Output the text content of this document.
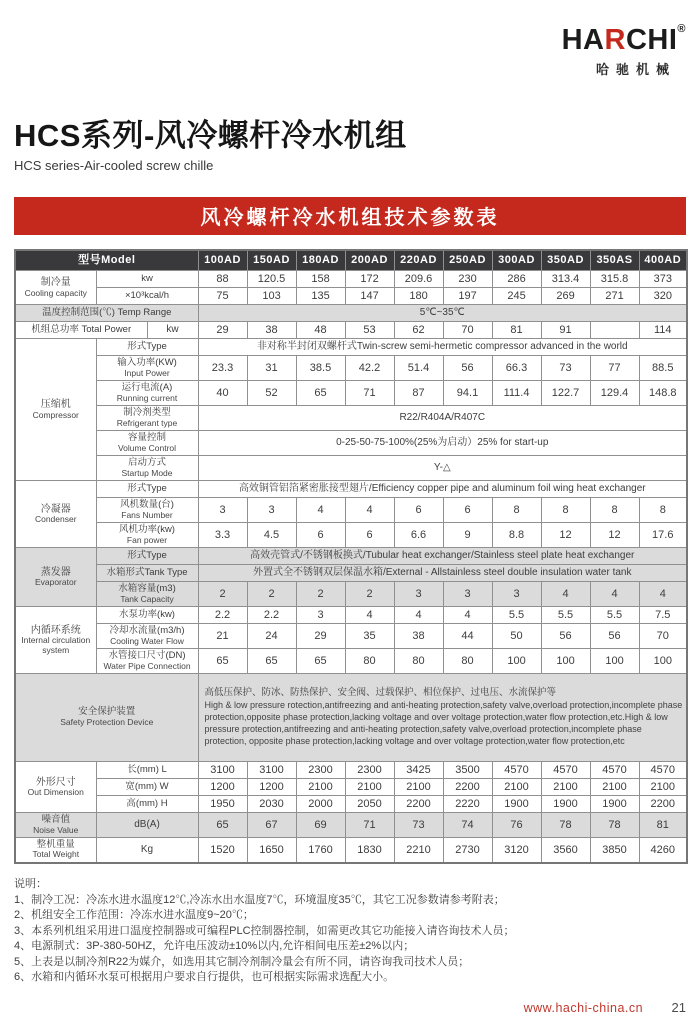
HARCHI®
哈驰机械
HCS系列-风冷螺杆冷水机组
HCS series-Air-cooled screw chille
风冷螺杆冷水机组技术参数表
型号Model			100AD	150AD	180AD	200AD	220AD	250AD	300AD	350AD	350AS	400AD

制冷量
Cooling capacity	kw		88	120.5	158	172	209.6	230	286	313.4	315.8	373

	×10³kcal/h		75	103	135	147	180	197	245	269	271	320

温度控制范围(℃) Temp Range			5℃~35℃									

机组总功率 Total Power		kw	29	38	48	53	62	70	81	91		114

压缩机
Compressor	形式Type		非对称半封闭双螺杆式Twin-screw semi-hermetic compressor advanced in the world									

	输入功率(KW)
Input Power		23.3	31	38.5	42.2	51.4	56	66.3	73	77	88.5

	运行电流(A)
Running current		40	52	65	71	87	94.1	111.4	122.7	129.4	148.8

	制冷剂类型
Refrigerant type		R22/R404A/R407C									

	容量控制
Volume Control		0-25-50-75-100%(25%为启动）25% for start-up									

	启动方式
Startup Mode		Y-△									

冷凝器
Condenser	形式Type		高效铜管铝箔紧密胀接型翅片/Efficiency copper pipe and aluminum foil wing heat exchanger									

	风机数量(台)
Fans Number		3	3	4	4	6	6	8	8	8	8

	风机功率(kw)
Fan power		3.3	4.5	6	6	6.6	9	8.8	12	12	17.6

蒸发器
Evaporator	形式Type		高效壳管式/不锈钢板换式/Tubular heat exchanger/Stainless steel plate heat exchanger									

	水箱形式Tank Type		外置式全不锈钢双层保温水箱/External - Allstainless steel double insulation water tank									

	水箱容量(m3)
Tank Capacity		2	2	2	2	3	3	3	4	4	4

内循环系统
Internal circulation system	水泵功率(kw)		2.2	2.2	3	4	4	4	5.5	5.5	5.5	7.5

	冷却水流量(m3/h)
Cooling Water Flow		21	24	29	35	38	44	50	56	56	70

	水管接口尺寸(DN)
Water Pipe Connection		65	65	65	80	80	80	100	100	100	100

安全保护装置
Safety Protection Device

高低压保护、防冰、防热保护、安全阀、过载保护、相位保护、过电压、水流保护等
High & low pressure rotection,antifreezing and anti-heating protection,safety valve,overload protection,incomplete phase protection,opposite phase protection,lacking voltage and over voltage protection,water flow protection,etc.High & low pressure protection,antifreezing and anti-heating protection,safety valve,overload protection,incomplete phase protection, opposite phase protection,lacking voltage and over voltage protection,water flow protection,etc

外形尺寸
Out Dimension	长(mm) L		3100	3100	2300	2300	3425	3500	4570	4570	4570	4570

	宽(mm) W		1200	1200	2100	2100	2100	2200	2100	2100	2100	2100

	高(mm) H		1950	2030	2000	2050	2200	2220	1900	1900	1900	2200

噪音值
Noise Value	dB(A)		65	67	69	71	73	74	76	78	78	81

整机重量
Total Weight	Kg		1520	1650	1760	1830	2210	2730	3120	3560	3850	4260
说明：
1、制冷工况：冷冻水进水温度12℃,冷冻水出水温度7℃，环境温度35℃，其它工况参数请参考附表；
2、机组安全工作范围：冷冻水进水温度9~20℃；
3、本系列机组采用进口温度控制器或可编程PLC控制器控制，如需更改其它功能接入请咨询技术人员；
4、电源制式：3P-380-50HZ，允许电压波动±10%以内,允许相间电压差±2%以内；
5、上表是以制冷剂R22为媒介，如选用其它制冷剂制冷量会有所不同，请咨询我司技术人员；
6、水箱和内循环水泵可根据用户要求自行提供，也可根据实际需求选配大小。
www.hachi-china.cn 21
